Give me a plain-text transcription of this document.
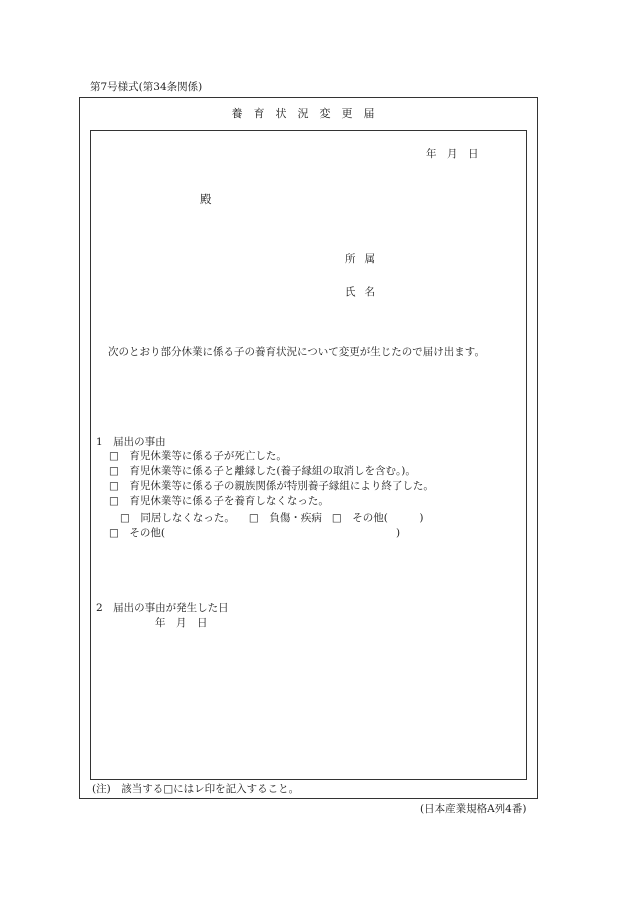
第7号様式(第34条関係)
養育状況変更届
年　月　日
殿
所属
氏名
次のとおり部分休業に係る子の養育状況について変更が生じたので届け出ます。
1　届出の事由
□　育児休業等に係る子が死亡した。
□　育児休業等に係る子と離縁した(養子縁組の取消しを含む。)。
□　育児休業等に係る子の親族関係が特別養子縁組により終了した。
□　育児休業等に係る子を養育しなくなった。
□　同居しなくなった。 □　負傷・疾病 □　その他(　　　)
□　その他(　　　　　　　　　　　　　　　　　　　　　　)
2　届出の事由が発生した日
年　月　日
(注)　該当する□にはレ印を記入すること。
(日本産業規格A列4番)
